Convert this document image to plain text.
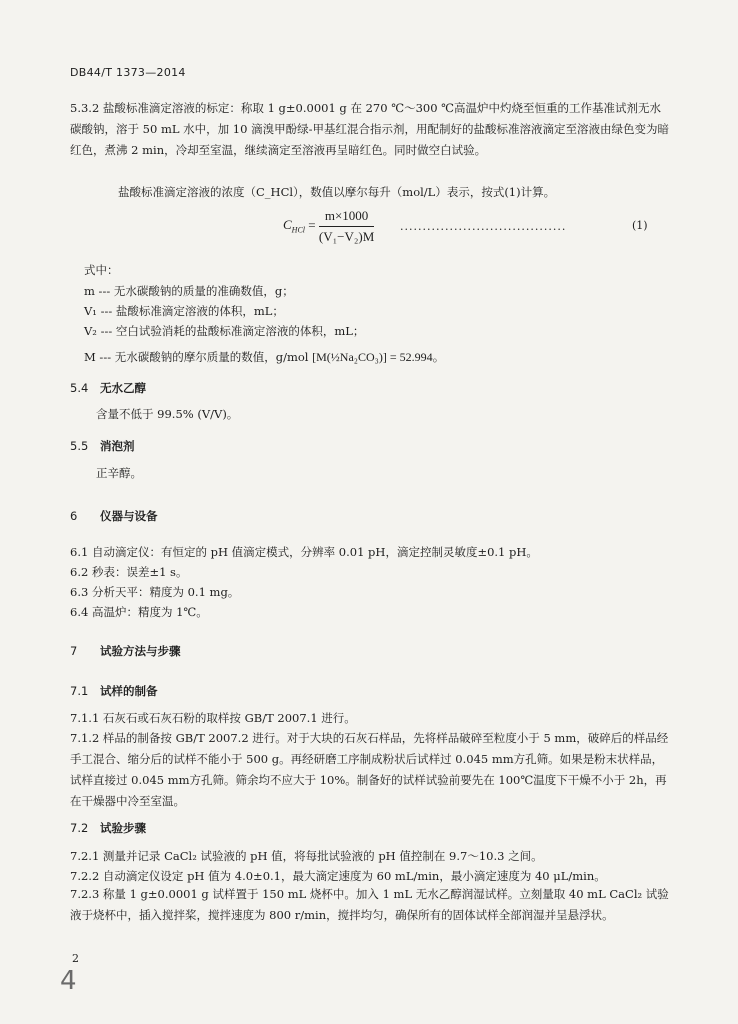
DB44/T 1373—2014
5.3.2 盐酸标准滴定溶液的标定：称取 1 g±0.0001 g 在 270 ℃～300 ℃高温炉中灼烧至恒重的工作基准试剂无水碳酸钠，溶于 50 mL 水中，加 10 滴溴甲酚绿-甲基红混合指示剂，用配制好的盐酸标准溶液滴定至溶液由绿色变为暗红色，煮沸 2 min，冷却至室温，继续滴定至溶液再呈暗红色。同时做空白试验。
盐酸标准滴定溶液的浓度（C_HCl），数值以摩尔每升（mol/L）表示，按式(1)计算。
$C_{HCl} = \frac{m\times 1000}{\text{(V₁−V₂)M}}$ .....................................	(1)
式中：
m --- 无水碳酸钠的质量的准确数值，g；
V₁ --- 盐酸标准滴定溶液的体积，mL；
V₂ --- 空白试验消耗的盐酸标准滴定溶液的体积，mL；
M --- 无水碳酸钠的摩尔质量的数值，g/mol [M(½Na₂CO₃)] = 52.994。
5.4 无水乙醇
含量不低于 99.5% (V/V)。
5.5 消泡剂
正辛醇。
6 仪器与设备
6.1 自动滴定仪：有恒定的 pH 值滴定模式，分辨率 0.01 pH，滴定控制灵敏度±0.1 pH。
6.2 秒表：误差±1 s。
6.3 分析天平：精度为 0.1 mg。
6.4 高温炉：精度为 1℃。
7 试验方法与步骤
7.1 试样的制备
7.1.1 石灰石或石灰石粉的取样按 GB/T 2007.1 进行。
7.1.2 样品的制备按 GB/T 2007.2 进行。对于大块的石灰石样品，先将样品破碎至粒度小于 5 mm，破碎后的样品经手工混合、缩分后的试样不能小于 500 g。再经研磨工序制成粉状后试样过 0.045 mm方孔筛。如果是粉末状样品，试样直接过 0.045 mm方孔筛。筛余均不应大于 10%。制备好的试样试验前要先在 100℃温度下干燥不小于 2h，再在干燥器中冷至室温。
7.2 试验步骤
7.2.1 测量并记录 CaCl₂ 试验液的 pH 值，将每批试验液的 pH 值控制在 9.7～10.3 之间。
7.2.2 自动滴定仪设定 pH 值为 4.0±0.1，最大滴定速度为 60 mL/min，最小滴定速度为 40 μL/min。
7.2.3 称量 1 g±0.0001 g 试样置于 150 mL 烧杯中。加入 1 mL 无水乙醇润湿试样。立刻量取 40 mL CaCl₂ 试验液于烧杯中，插入搅拌桨，搅拌速度为 800 r/min，搅拌均匀，确保所有的固体试样全部润湿并呈悬浮状。
2
4
